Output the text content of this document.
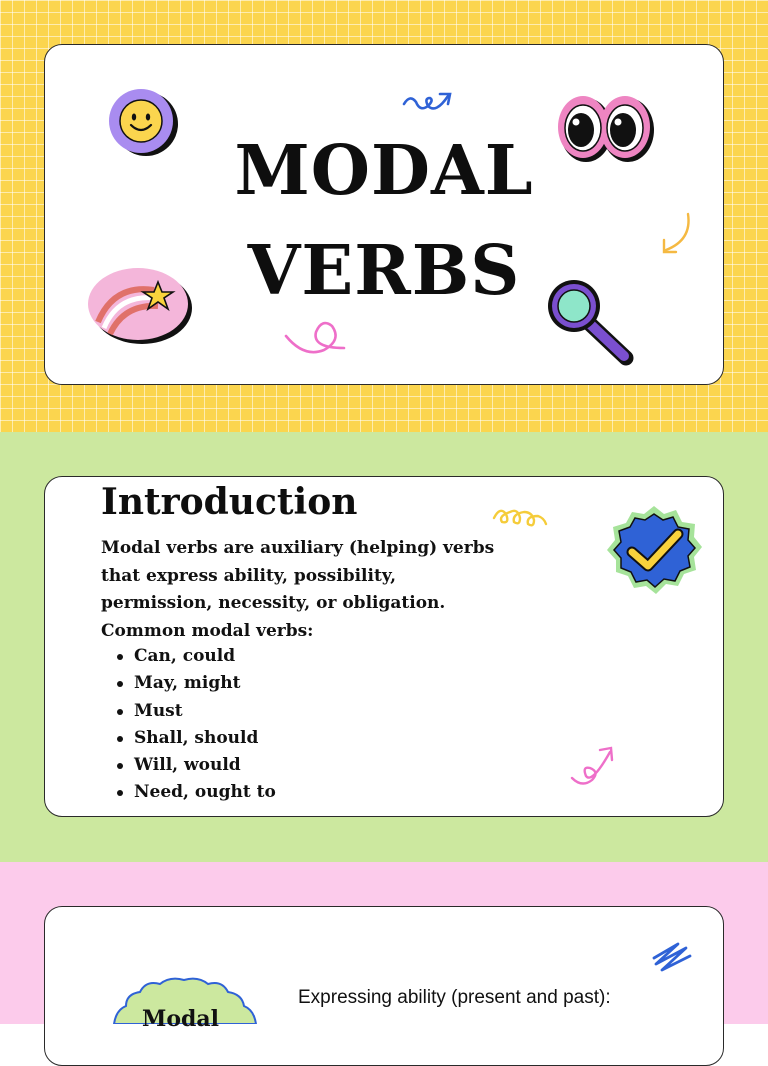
MODAL
VERBS
Introduction

Modal verbs are auxiliary (helping) verbs
that express ability, possibility,
permission, necessity, or obligation.
Common modal verbs:

Can, could
May, might
Must
Shall, should
Will, would
Need, ought to

Expressing ability (present and past):

Modal
